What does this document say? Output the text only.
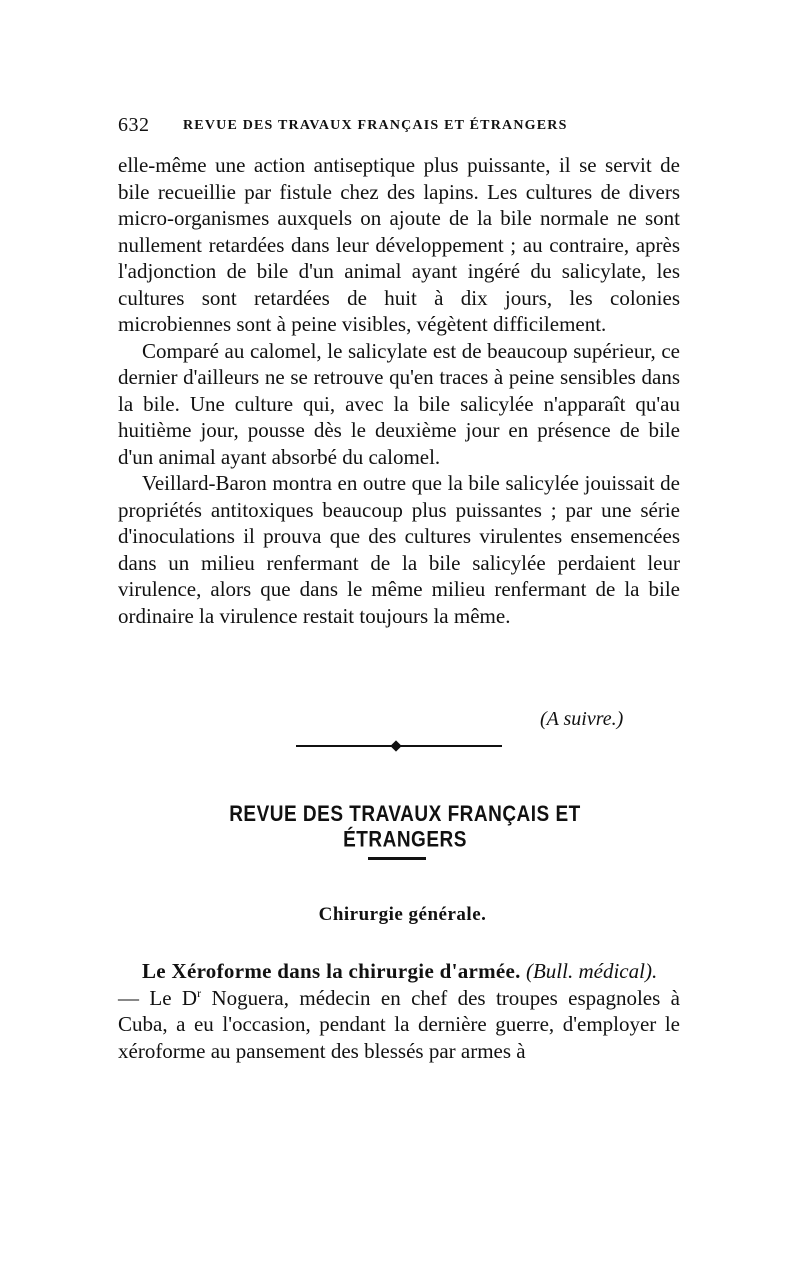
632 REVUE DES TRAVAUX FRANÇAIS ET ÉTRANGERS

elle-même une action antiseptique plus puissante, il se servit de bile recueillie par fistule chez des lapins. Les cultures de divers micro-organismes auxquels on ajoute de la bile normale ne sont nullement retardées dans leur développement ; au contraire, après l'adjonction de bile d'un animal ayant ingéré du salicylate, les cultures sont retardées de huit à dix jours, les colonies microbiennes sont à peine visibles, végètent difficilement.

Comparé au calomel, le salicylate est de beaucoup supérieur, ce dernier d'ailleurs ne se retrouve qu'en traces à peine sensibles dans la bile. Une culture qui, avec la bile salicylée n'apparaît qu'au huitième jour, pousse dès le deuxième jour en présence de bile d'un animal ayant absorbé du calomel.

Veillard-Baron montra en outre que la bile salicylée jouissait de propriétés antitoxiques beaucoup plus puissantes ; par une série d'inoculations il prouva que des cultures virulentes ensemencées dans un milieu renfermant de la bile salicylée perdaient leur virulence, alors que dans le même milieu renfermant de la bile ordinaire la virulence restait toujours la même.

(A suivre.)
REVUE DES TRAVAUX FRANÇAIS ET ÉTRANGERS
Chirurgie générale.

Le Xéroforme dans la chirurgie d'armée. (Bull. médical).
— Le $D^r$ Noguera, médecin en chef des troupes espagnoles à Cuba, a eu l'occasion, pendant la dernière guerre, d'employer le xéroforme au pansement des blessés par armes à
